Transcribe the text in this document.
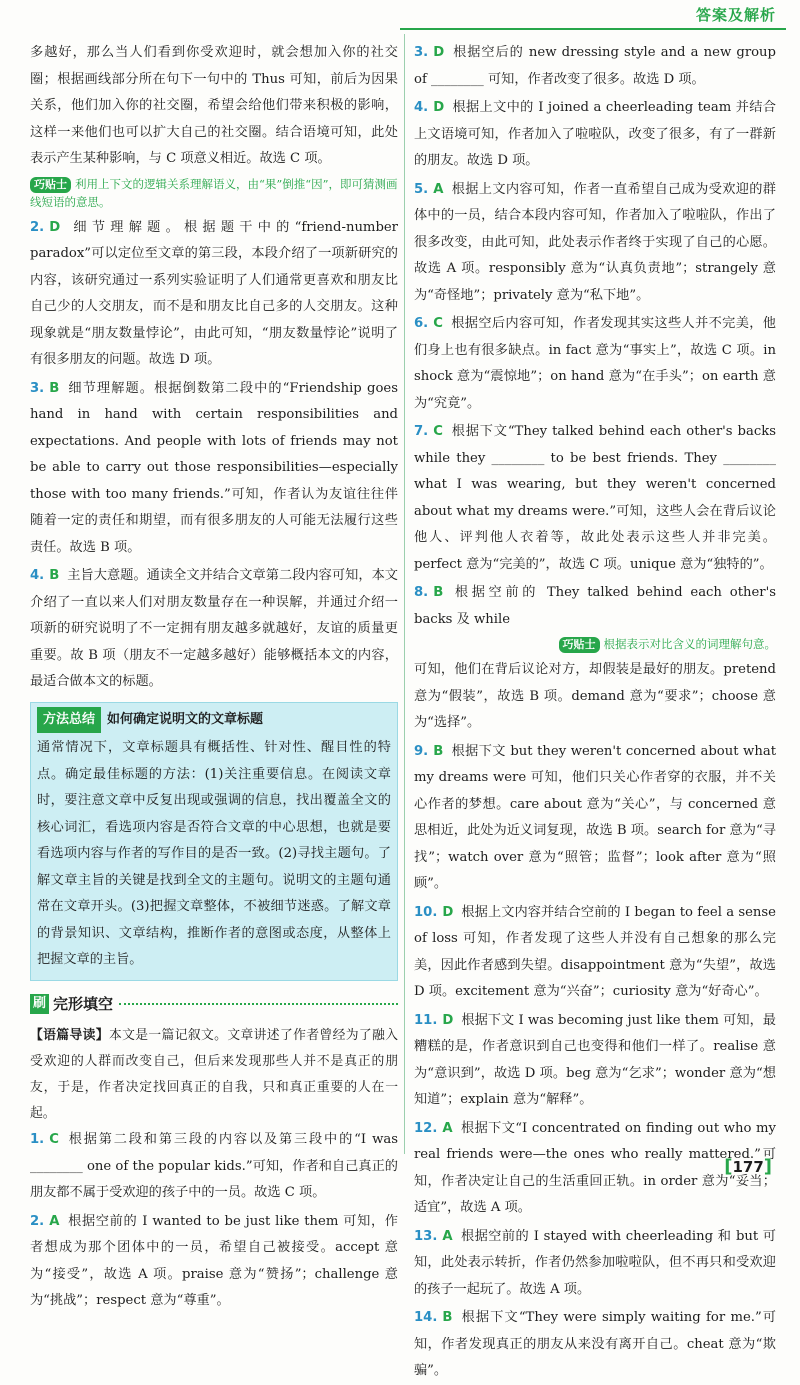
答案及解析

多越好，那么当人们看到你受欢迎时，就会想加入你的社交圈；根据画线部分所在句下一句中的 Thus 可知，前后为因果关系，他们加入你的社交圈，希望会给他们带来积极的影响，这样一来他们也可以扩大自己的社交圈。结合语境可知，此处表示产生某种影响，与 C 项意义相近。故选 C 项。

巧贴士 利用上下文的逻辑关系理解语义，由“果”倒推“因”，即可猜测画线短语的意思。
2. D 细节理解题。根据题干中的“friend-number paradox”可以定位至文章的第三段，本段介绍了一项新研究的内容，该研究通过一系列实验证明了人们通常更喜欢和朋友比自己少的人交朋友，而不是和朋友比自己多的人交朋友。这种现象就是“朋友数量悖论”，由此可知，“朋友数量悖论”说明了有很多朋友的问题。故选 D 项。
3. B 细节理解题。根据倒数第二段中的“Friendship goes hand in hand with certain responsibilities and expectations. And people with lots of friends may not be able to carry out those responsibilities—especially those with too many friends.”可知，作者认为友谊往往伴随着一定的责任和期望，而有很多朋友的人可能无法履行这些责任。故选 B 项。
4. B 主旨大意题。通读全文并结合文章第二段内容可知，本文介绍了一直以来人们对朋友数量存在一种误解，并通过介绍一项新的研究说明了不一定拥有朋友越多就越好，友谊的质量更重要。故 B 项（朋友不一定越多越好）能够概括本文的内容，最适合做本文的标题。
方法总结 如何确定说明文的文章标题

通常情况下，文章标题具有概括性、针对性、醒目性的特点。确定最佳标题的方法：(1)关注重要信息。在阅读文章时，要注意文章中反复出现或强调的信息，找出覆盖全文的核心词汇，看选项内容是否符合文章的中心思想，也就是要看选项内容与作者的写作目的是否一致。(2)寻找主题句。了解文章主旨的关键是找到全文的主题句。说明文的主题句通常在文章开头。(3)把握文章整体，不被细节迷惑。了解文章的背景知识、文章结构，推断作者的意图或态度，从整体上把握文章的主旨。

刷 完形填空

【语篇导读】本文是一篇记叙文。文章讲述了作者曾经为了融入受欢迎的人群而改变自己，但后来发现那些人并不是真正的朋友，于是，作者决定找回真正的自我，只和真正重要的人在一起。

1. C 根据第二段和第三段的内容以及第三段中的“I was ________ one of the popular kids.”可知，作者和自己真正的朋友都不属于受欢迎的孩子中的一员。故选 C 项。
2. A 根据空前的 I wanted to be just like them 可知，作者想成为那个团体中的一员，希望自己被接受。accept 意为“接受”，故选 A 项。praise 意为“赞扬”；challenge 意为“挑战”；respect 意为“尊重”。
3. D 根据空后的 new dressing style and a new group of ________ 可知，作者改变了很多。故选 D 项。
4. D 根据上文中的 I joined a cheerleading team 并结合上文语境可知，作者加入了啦啦队，改变了很多，有了一群新的朋友。故选 D 项。
5. A 根据上文内容可知，作者一直希望自己成为受欢迎的群体中的一员，结合本段内容可知，作者加入了啦啦队，作出了很多改变，由此可知，此处表示作者终于实现了自己的心愿。故选 A 项。responsibly 意为“认真负责地”；strangely 意为“奇怪地”；privately 意为“私下地”。
6. C 根据空后内容可知，作者发现其实这些人并不完美，他们身上也有很多缺点。in fact 意为“事实上”，故选 C 项。in shock 意为“震惊地”；on hand 意为“在手头”；on earth 意为“究竟”。
7. C 根据下文“They talked behind each other's backs while they ________ to be best friends. They ________ what I was wearing, but they weren't concerned about what my dreams were.”可知，这些人会在背后议论他人、评判他人衣着等，故此处表示这些人并非完美。perfect 意为“完美的”，故选 C 项。unique 意为“独特的”。
8. B 根据空前的 They talked behind each other's backs 及 while
巧贴士 根据表示对比含义的词理解句意。
可知，他们在背后议论对方，却假装是最好的朋友。pretend 意为“假装”，故选 B 项。demand 意为“要求”；choose 意为“选择”。
9. B 根据下文 but they weren't concerned about what my dreams were 可知，他们只关心作者穿的衣服，并不关心作者的梦想。care about 意为“关心”，与 concerned 意思相近，此处为近义词复现，故选 B 项。search for 意为“寻找”；watch over 意为“照管；监督”；look after 意为“照顾”。
10. D 根据上文内容并结合空前的 I began to feel a sense of loss 可知，作者发现了这些人并没有自己想象的那么完美，因此作者感到失望。disappointment 意为“失望”，故选 D 项。excitement 意为“兴奋”；curiosity 意为“好奇心”。
11. D 根据下文 I was becoming just like them 可知，最糟糕的是，作者意识到自己也变得和他们一样了。realise 意为“意识到”，故选 D 项。beg 意为“乞求”；wonder 意为“想知道”；explain 意为“解释”。
12. A 根据下文“I concentrated on finding out who my real friends were—the ones who really mattered.”可知，作者决定让自己的生活重回正轨。in order 意为“妥当；适宜”，故选 A 项。
13. A 根据空前的 I stayed with cheerleading 和 but 可知，此处表示转折，作者仍然参加啦啦队，但不再只和受欢迎的孩子一起玩了。故选 A 项。
14. B 根据下文“They were simply waiting for me.”可知，作者发现真正的朋友从来没有离开自己。cheat 意为“欺骗”。
[177]
